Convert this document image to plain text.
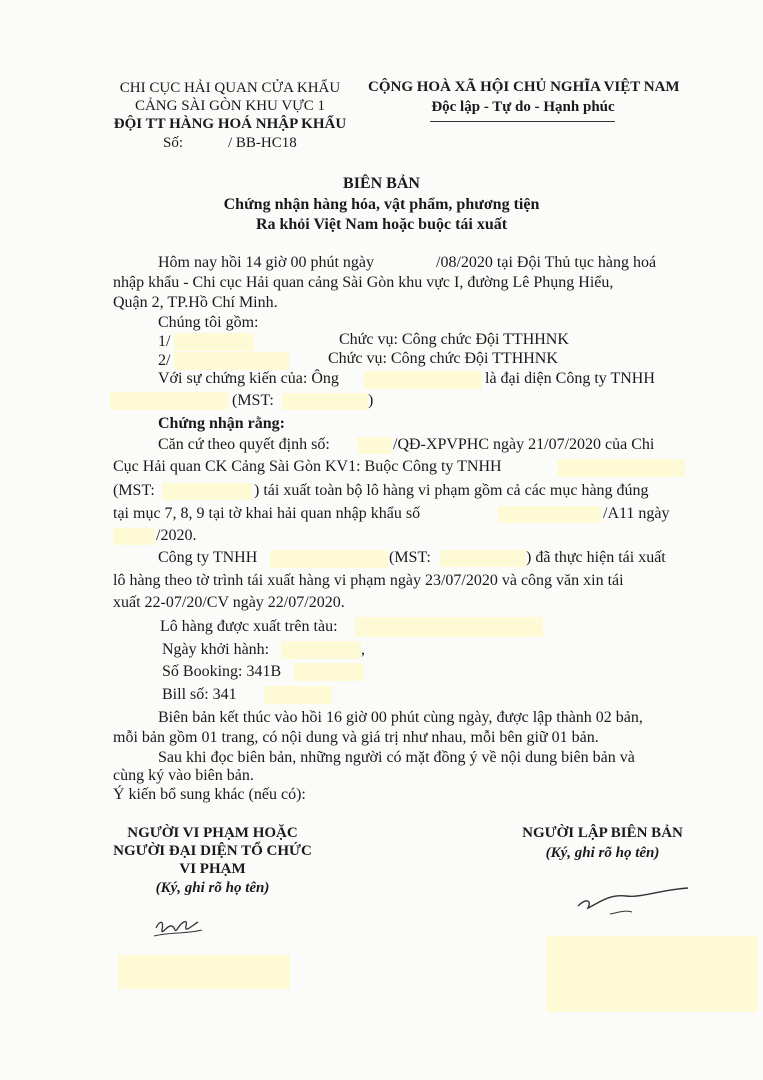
CHI CỤC HẢI QUAN CỬA KHẨU
CẢNG SÀI GÒN KHU VỰC 1
ĐỘI TT HÀNG HOÁ NHẬP KHẨU
Số:	/ BB-HC18
CỘNG HOÀ XÃ HỘI CHỦ NGHĨA VIỆT NAM
Độc lập - Tự do - Hạnh phúc
BIÊN BẢN
Chứng nhận hàng hóa, vật phẩm, phương tiện
Ra khỏi Việt Nam hoặc buộc tái xuất
Hôm nay hồi 14 giờ 00 phút ngày	/08/2020 tại Đội Thủ tục hàng hoá
nhập khẩu - Chi cục Hải quan cảng Sài Gòn khu vực I, đường Lê Phụng Hiểu,
Quận 2, TP.Hồ Chí Minh.
Chúng tôi gồm:
1/	Chức vụ: Công chức Đội TTHHNK
2/	Chức vụ: Công chức Đội TTHHNK
Với sự chứng kiến của: Ông	là đại diện Công ty TNHH
(MST:	)
Chứng nhận rằng:
Căn cứ theo quyết định số:	/QĐ-XPVPHC ngày 21/07/2020 của Chi
Cục Hải quan CK Cảng Sài Gòn KV1: Buộc Công ty TNHH
(MST:	) tái xuất toàn bộ lô hàng vi phạm gồm cả các mục hàng đúng
tại mục 7, 8, 9 tại tờ khai hải quan nhập khẩu số	/A11 ngày
/2020.
Công ty TNHH	(MST:	) đã thực hiện tái xuất
lô hàng theo tờ trình tái xuất hàng vi phạm ngày 23/07/2020 và công văn xin tái
xuất 22-07/20/CV ngày 22/07/2020.
Lô hàng được xuất trên tàu:
Ngày khởi hành:	,
Số Booking: 341B
Bill số: 341
Biên bản kết thúc vào hồi 16 giờ 00 phút cùng ngày, được lập thành 02 bản,
mỗi bản gồm 01 trang, có nội dung và giá trị như nhau, mỗi bên giữ 01 bản.
Sau khi đọc biên bản, những người có mặt đồng ý về nội dung biên bản và
cùng ký vào biên bản.
Ý kiến bổ sung khác (nếu có):
NGƯỜI VI PHẠM HOẶC
NGƯỜI ĐẠI DIỆN TỔ CHỨC
VI PHẠM
(Ký, ghi rõ họ tên)
NGƯỜI LẬP BIÊN BẢN
(Ký, ghi rõ họ tên)
